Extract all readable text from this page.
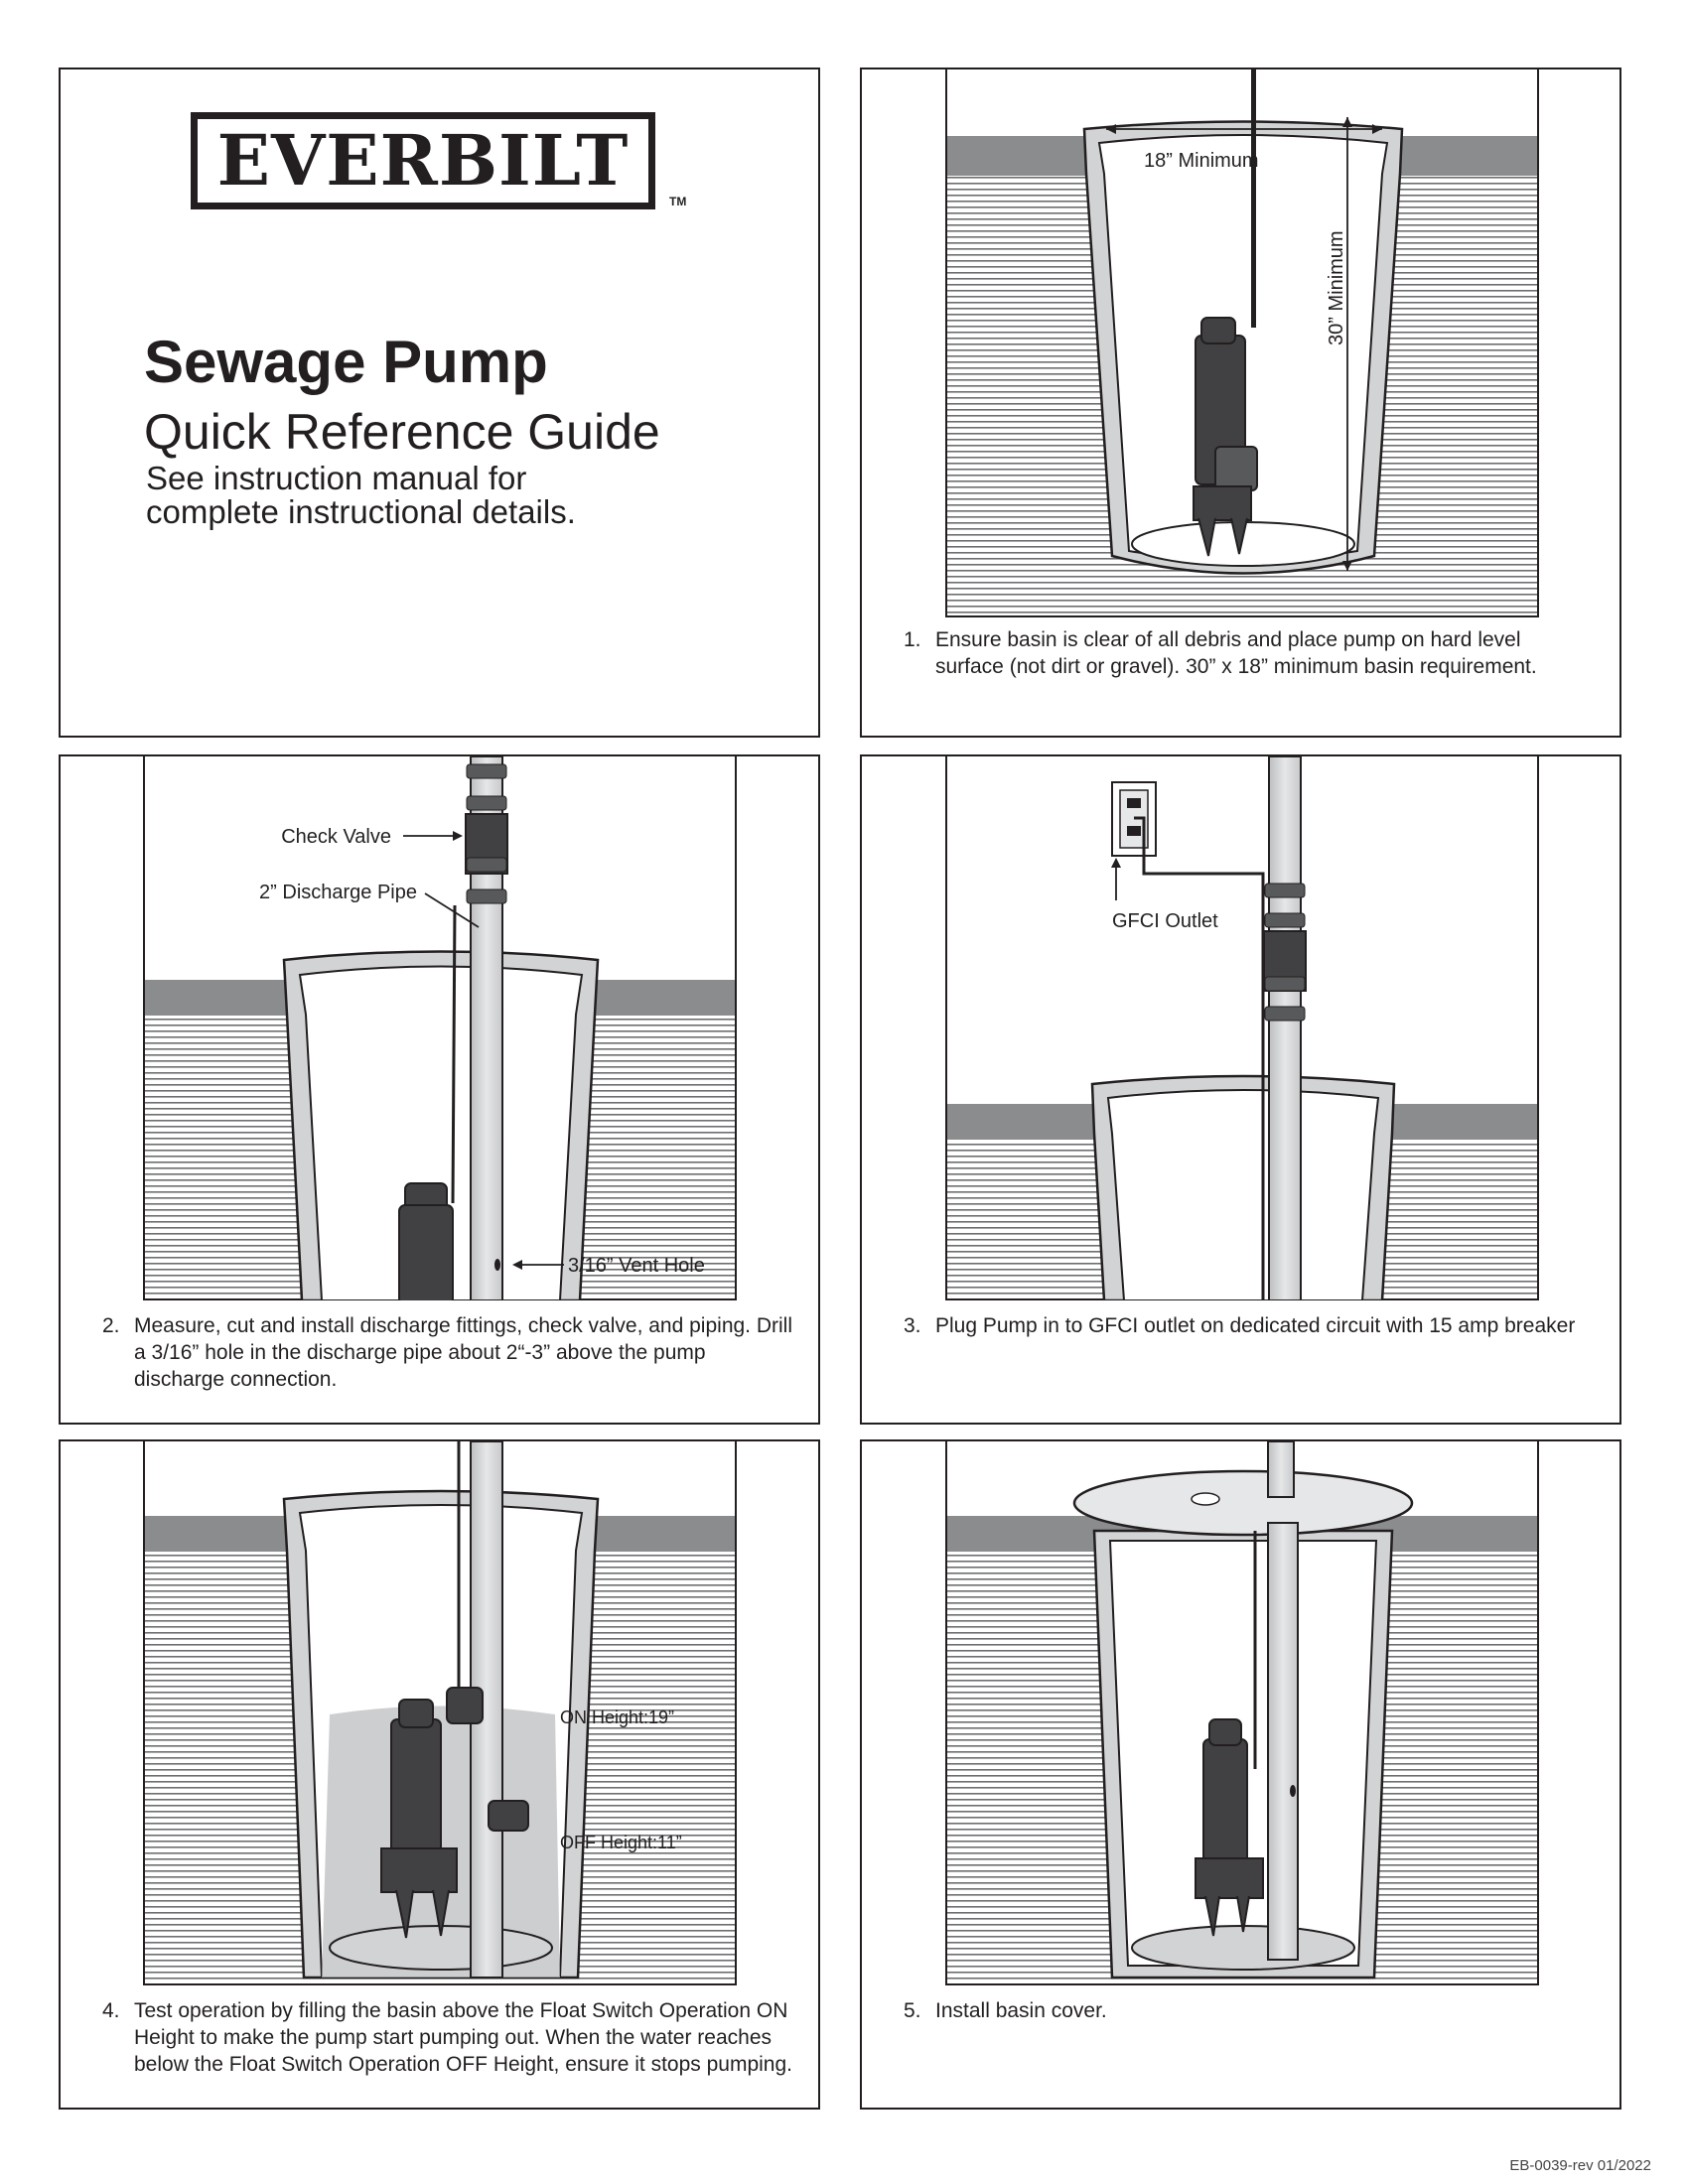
EVERBILT	TM
Sewage Pump
Quick Reference Guide
See instruction manual for
complete instructional details.
18” Minimum
30” Minimum
1. Ensure basin is clear of all debris and place pump on hard level surface (not dirt or gravel). 30” x 18” minimum basin requirement.
Check Valve
2” Discharge Pipe
3/16” Vent Hole
2. Measure, cut and install discharge fittings, check valve, and piping. Drill a 3/16” hole in the discharge pipe about 2“-3” above the pump discharge connection.
GFCI Outlet
3. Plug Pump in to GFCI outlet on dedicated circuit with 15 amp breaker
ON Height:19”
OFF Height:11”
4. Test operation by filling the basin above the Float Switch Operation ON Height to make the pump start pumping out. When the water reaches below the Float Switch Operation OFF Height, ensure it stops pumping.
5. Install basin cover.
EB-0039-rev 01/2022
